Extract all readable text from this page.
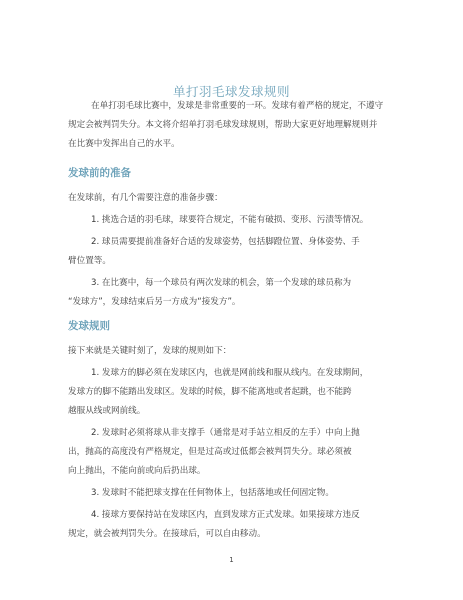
单打羽毛球发球规则

在单打羽毛球比赛中，发球是非常重要的一环。发球有着严格的规定，不遵守

规定会被判罚失分。本文将介绍单打羽毛球发球规则，帮助大家更好地理解规则并

在比赛中发挥出自己的水平。

发球前的准备

在发球前，有几个需要注意的准备步骤：

1. 挑选合适的羽毛球，球要符合规定，不能有破损、变形、污渍等情况。

2. 球员需要提前准备好合适的发球姿势，包括脚蹬位置、身体姿势、手

臂位置等。

3. 在比赛中，每一个球员有两次发球的机会，第一个发球的球员称为

“发球方”，发球结束后另一方成为“接发方”。

发球规则

接下来就是关键时刻了，发球的规则如下：

1. 发球方的脚必须在发球区内，也就是网前线和服从线内。在发球期间，

发球方的脚不能踏出发球区。发球的时候，脚不能离地或者起跳，也不能跨

越服从线或网前线。

2. 发球时必须将球从非支撑手（通常是对手站立相反的左手）中向上抛

出，抛高的高度没有严格规定，但是过高或过低都会被判罚失分。球必须被

向上抛出，不能向前或向后扔出球。

3. 发球时不能把球支撑在任何物体上，包括落地或任何固定物。

4. 接球方要保持站在发球区内，直到发球方正式发球。如果接球方违反

规定，就会被判罚失分。在接球后，可以自由移动。

1
